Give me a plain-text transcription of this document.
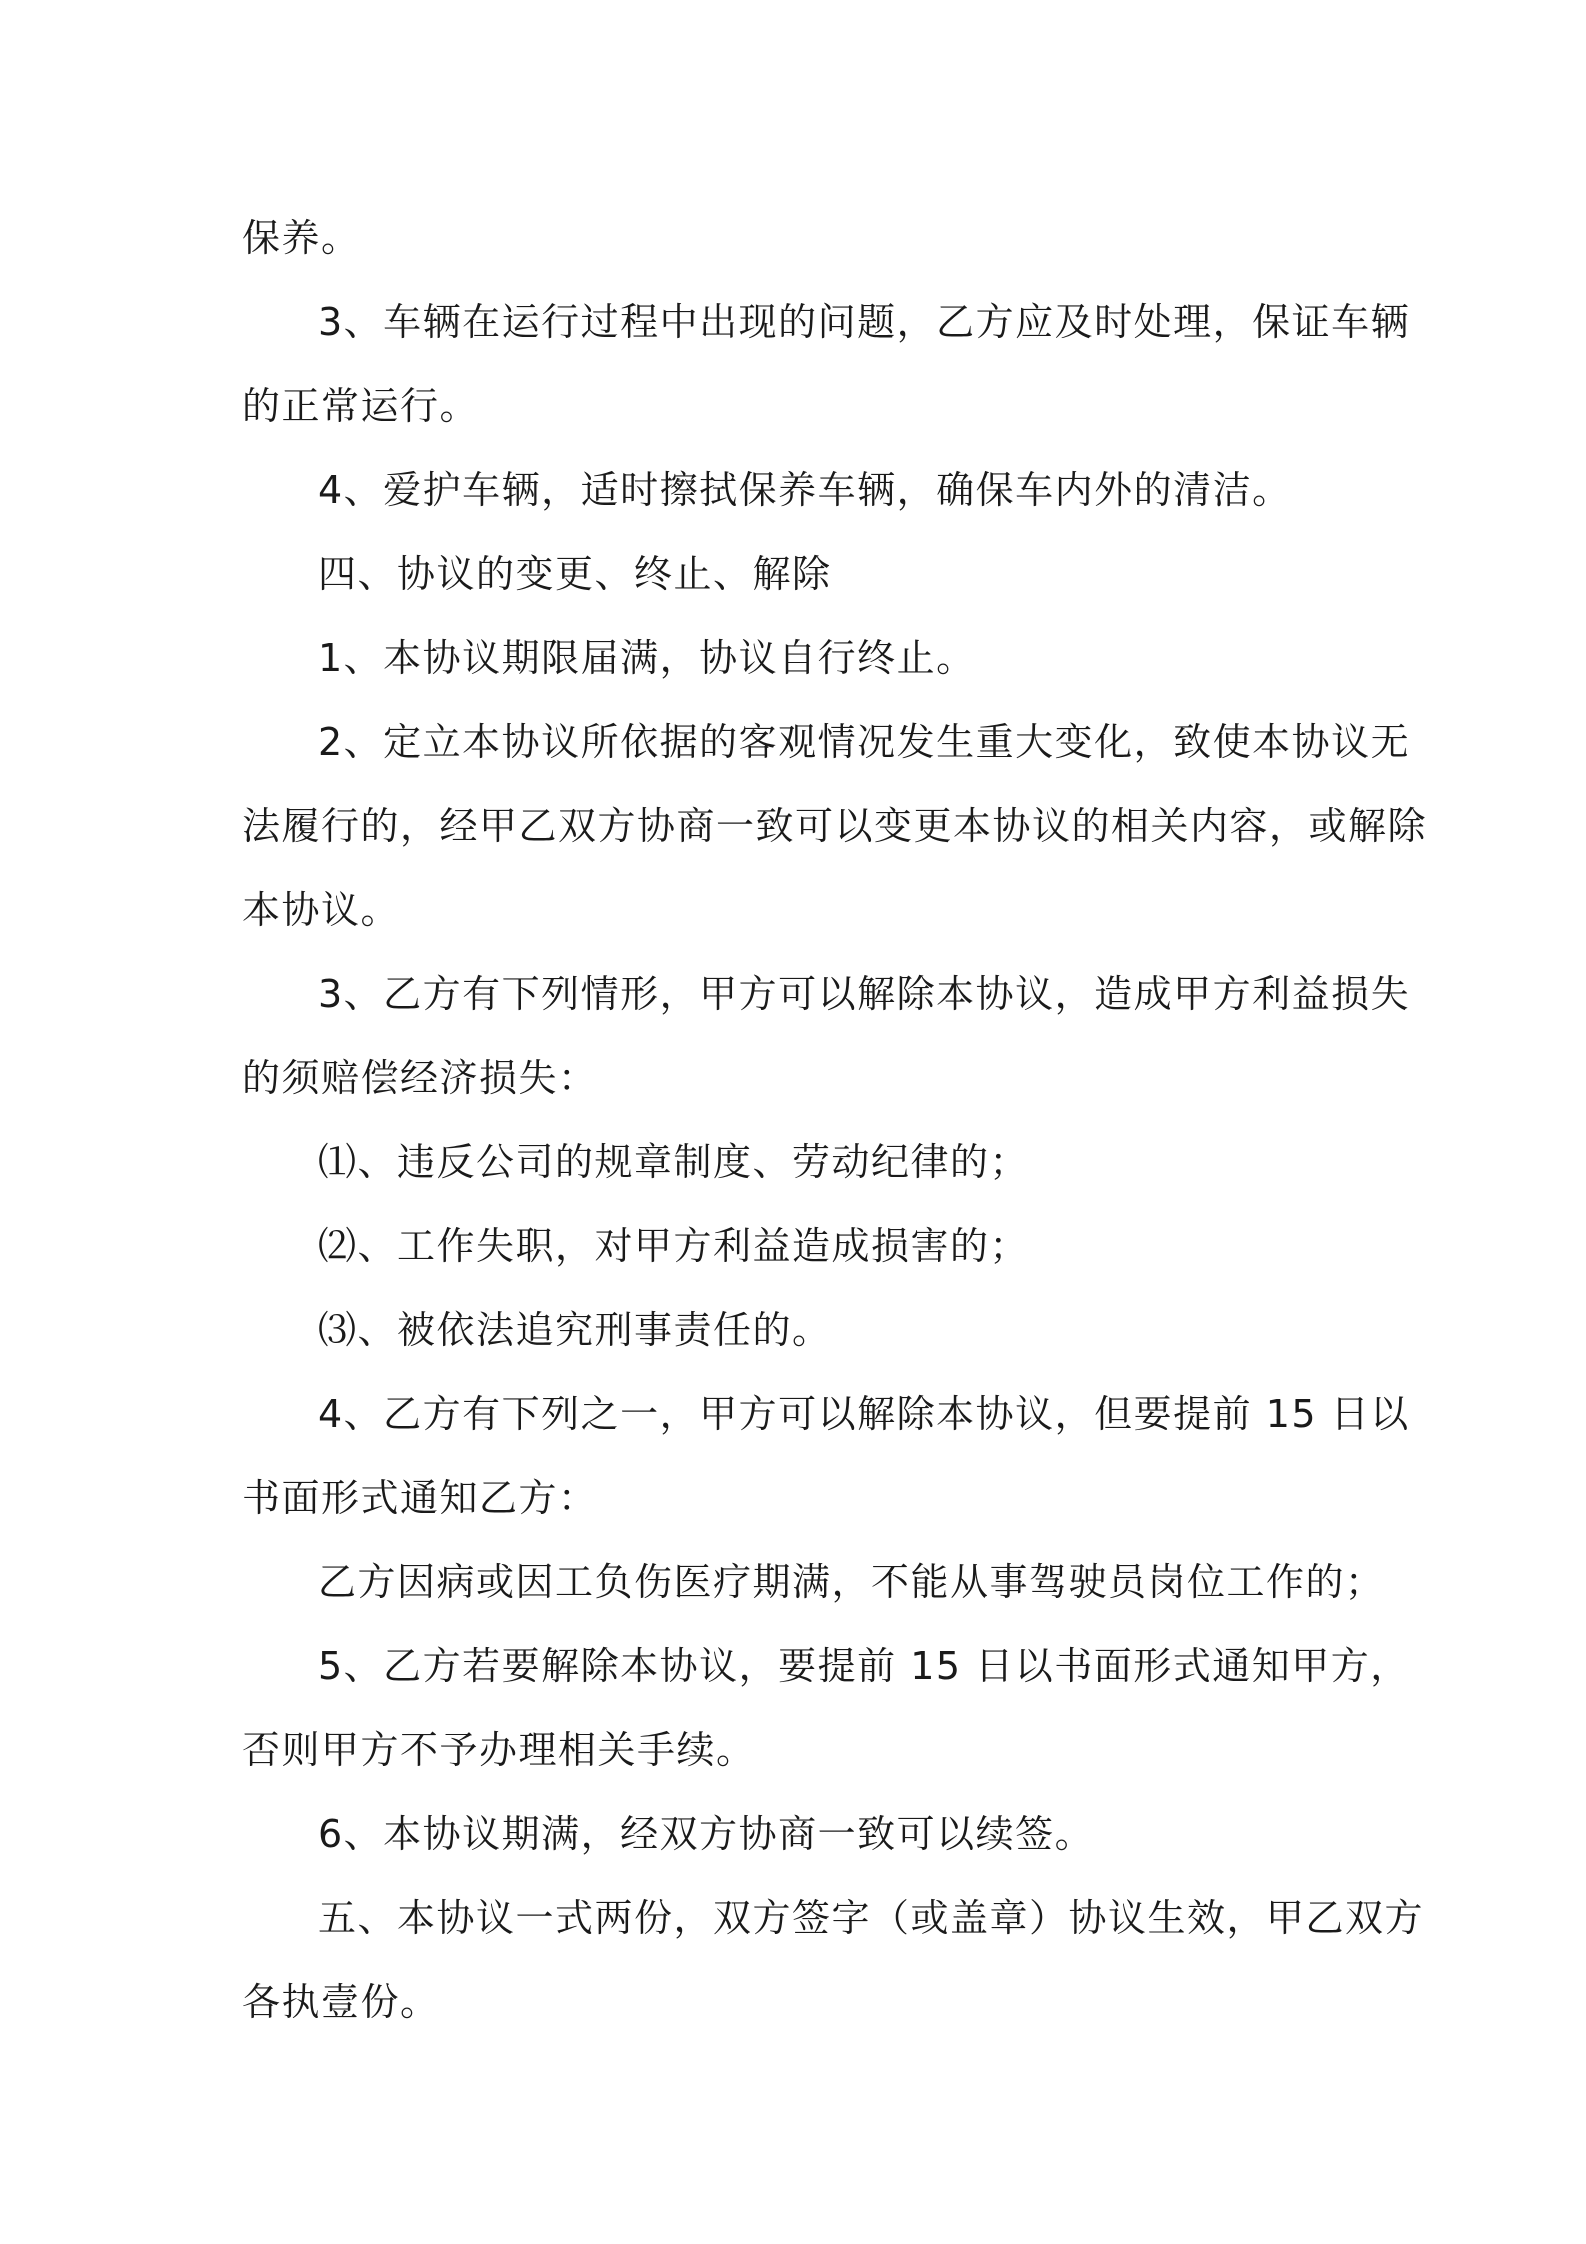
保养。
3、车辆在运行过程中出现的问题，乙方应及时处理，保证车辆
的正常运行。
4、爱护车辆，适时擦拭保养车辆，确保车内外的清洁。
四、协议的变更、终止、解除
1、本协议期限届满，协议自行终止。
2、定立本协议所依据的客观情况发生重大变化，致使本协议无
法履行的，经甲乙双方协商一致可以变更本协议的相关内容，或解除
本协议。
3、乙方有下列情形，甲方可以解除本协议，造成甲方利益损失
的须赔偿经济损失：
⑴、违反公司的规章制度、劳动纪律的；
⑵、工作失职，对甲方利益造成损害的；
⑶、被依法追究刑事责任的。
4、乙方有下列之一，甲方可以解除本协议，但要提前 15 日以
书面形式通知乙方：
乙方因病或因工负伤医疗期满，不能从事驾驶员岗位工作的；
5、乙方若要解除本协议，要提前 15 日以书面形式通知甲方，
否则甲方不予办理相关手续。
6、本协议期满，经双方协商一致可以续签。
五、本协议一式两份，双方签字（或盖章）协议生效，甲乙双方
各执壹份。
